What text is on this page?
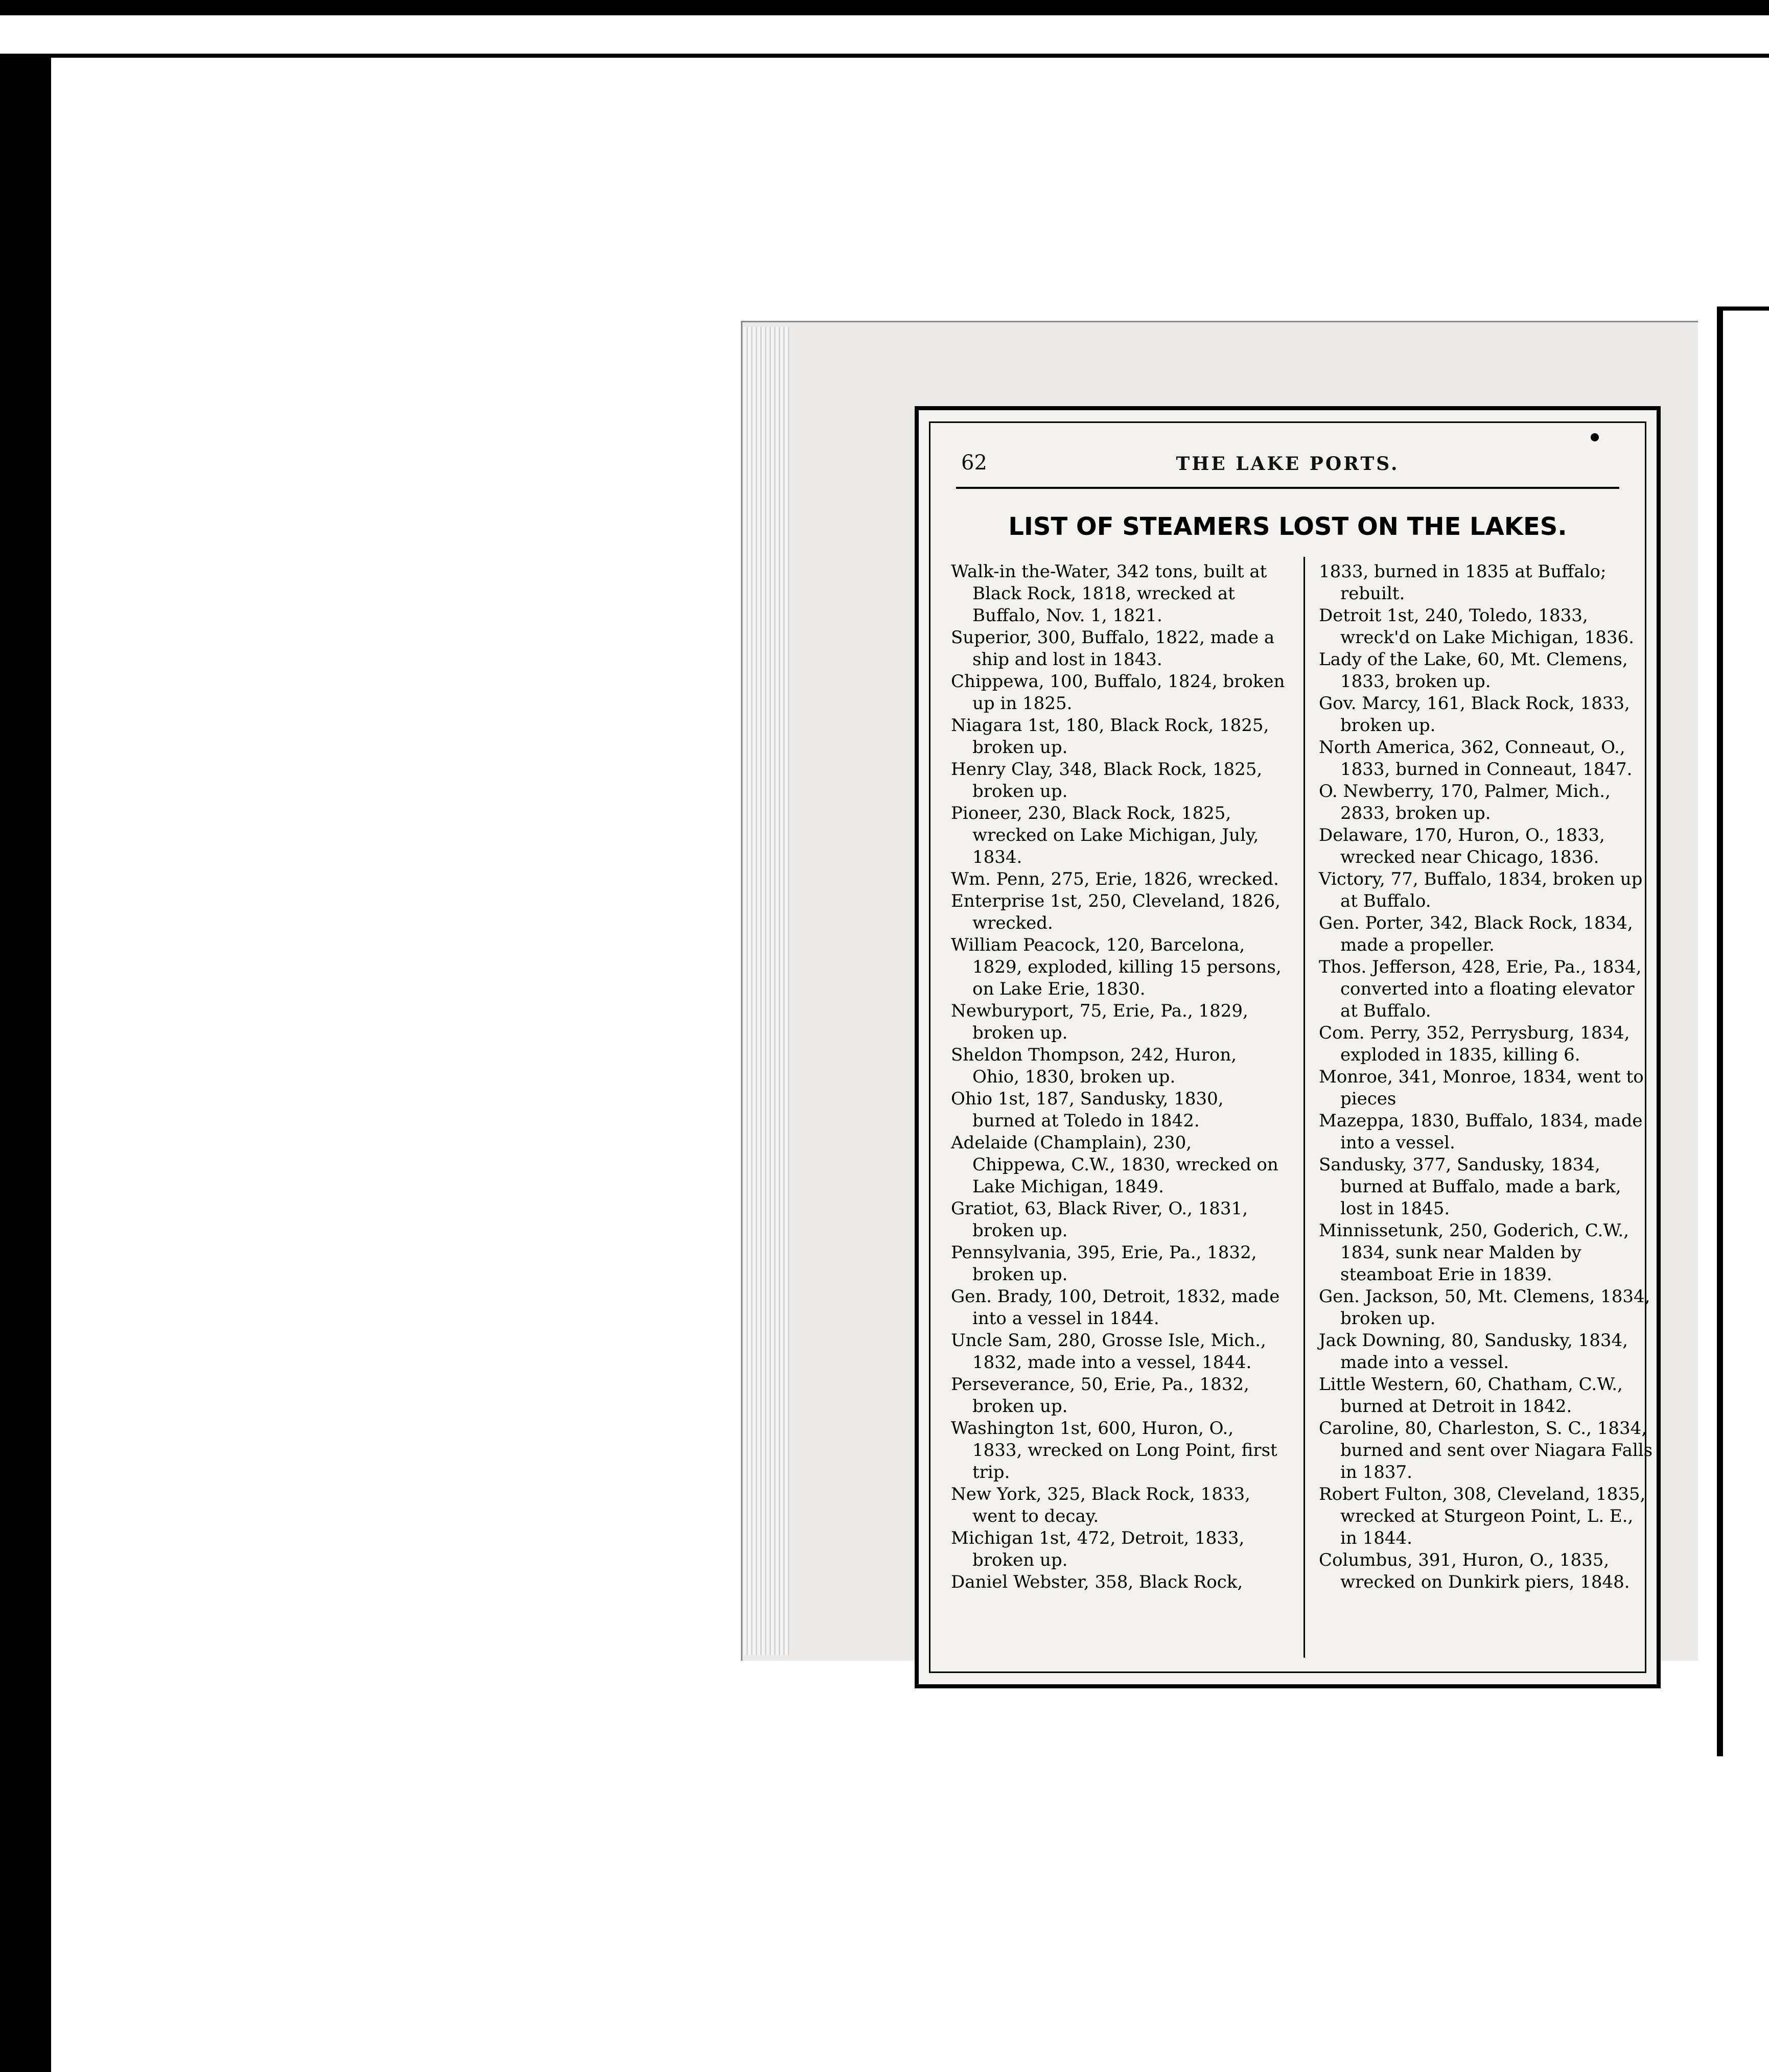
62	THE LAKE PORTS.
LIST OF STEAMERS LOST ON THE LAKES.

Walk-in the-Water, 342 tons, built at Black Rock, 1818, wrecked at Buffalo, Nov. 1, 1821.

Superior, 300, Buffalo, 1822, made a ship and lost in 1843.

Chippewa, 100, Buffalo, 1824, broken up in 1825.

Niagara 1st, 180, Black Rock, 1825, broken up.

Henry Clay, 348, Black Rock, 1825, broken up.

Pioneer, 230, Black Rock, 1825, wrecked on Lake Michigan, July, 1834.

Wm. Penn, 275, Erie, 1826, wrecked.

Enterprise 1st, 250, Cleveland, 1826, wrecked.

William Peacock, 120, Barcelona, 1829, exploded, killing 15 persons, on Lake Erie, 1830.

Newburyport, 75, Erie, Pa., 1829, broken up.

Sheldon Thompson, 242, Huron, Ohio, 1830, broken up.

Ohio 1st, 187, Sandusky, 1830, burned at Toledo in 1842.

Adelaide (Champlain), 230, Chippewa, C.W., 1830, wrecked on Lake Michigan, 1849.

Gratiot, 63, Black River, O., 1831, broken up.

Pennsylvania, 395, Erie, Pa., 1832, broken up.

Gen. Brady, 100, Detroit, 1832, made into a vessel in 1844.

Uncle Sam, 280, Grosse Isle, Mich., 1832, made into a vessel, 1844.

Perseverance, 50, Erie, Pa., 1832, broken up.

Washington 1st, 600, Huron, O., 1833, wrecked on Long Point, first trip.

New York, 325, Black Rock, 1833, went to decay.

Michigan 1st, 472, Detroit, 1833, broken up.

Daniel Webster, 358, Black Rock,

1833, burned in 1835 at Buffalo; rebuilt.

Detroit 1st, 240, Toledo, 1833, wreck'd on Lake Michigan, 1836.

Lady of the Lake, 60, Mt. Clemens, 1833, broken up.

Gov. Marcy, 161, Black Rock, 1833, broken up.

North America, 362, Conneaut, O., 1833, burned in Conneaut, 1847.

O. Newberry, 170, Palmer, Mich., 2833, broken up.

Delaware, 170, Huron, O., 1833, wrecked near Chicago, 1836.

Victory, 77, Buffalo, 1834, broken up at Buffalo.

Gen. Porter, 342, Black Rock, 1834, made a propeller.

Thos. Jefferson, 428, Erie, Pa., 1834, converted into a floating elevator at Buffalo.

Com. Perry, 352, Perrysburg, 1834, exploded in 1835, killing 6.

Monroe, 341, Monroe, 1834, went to pieces

Mazeppa, 1830, Buffalo, 1834, made into a vessel.

Sandusky, 377, Sandusky, 1834, burned at Buffalo, made a bark, lost in 1845.

Minnissetunk, 250, Goderich, C.W., 1834, sunk near Malden by steamboat Erie in 1839.

Gen. Jackson, 50, Mt. Clemens, 1834, broken up.

Jack Downing, 80, Sandusky, 1834, made into a vessel.

Little Western, 60, Chatham, C.W., burned at Detroit in 1842.

Caroline, 80, Charleston, S. C., 1834, burned and sent over Niagara Falls in 1837.

Robert Fulton, 308, Cleveland, 1835, wrecked at Sturgeon Point, L. E., in 1844.

Columbus, 391, Huron, O., 1835, wrecked on Dunkirk piers, 1848.
